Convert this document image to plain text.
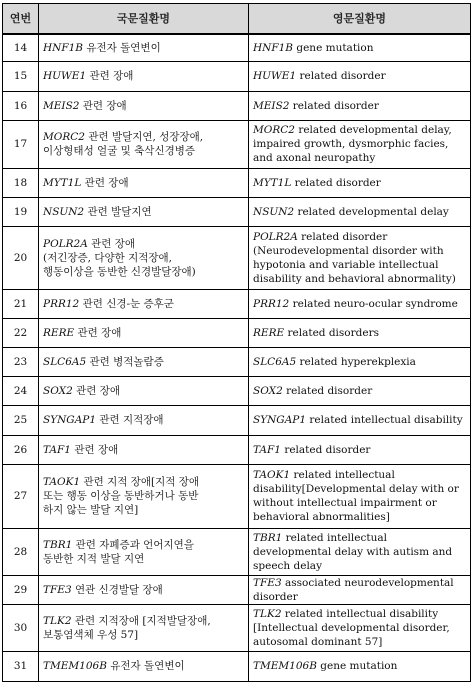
연번	국문질환명	영문질환명
14	HNF1B 유전자 돌연변이	HNF1B gene mutation

15	HUWE1 관련 장애	HUWE1 related disorder

16	MEIS2 관련 장애	MEIS2 related disorder

17	MORC2 관련 발달지연, 성장장애,
이상형태성 얼굴 및 축삭신경병증	MORC2 related developmental delay,
impaired growth, dysmorphic facies,
and axonal neuropathy

18	MYT1L 관련 장애	MYT1L related disorder

19	NSUN2 관련 발달지연	NSUN2 related developmental delay

20	POLR2A 관련 장애
(저긴장증, 다양한 지적장애,
행동이상을 동반한 신경발달장애)	POLR2A related disorder
(Neurodevelopmental disorder with
hypotonia and variable intellectual
disability and behavioral abnormality)

21	PRR12 관련 신경-눈 증후군	PRR12 related neuro-ocular syndrome

22	RERE 관련 장애	RERE related disorders

23	SLC6A5 관련 병적놀람증	SLC6A5 related hyperekplexia

24	SOX2 관련 장애	SOX2 related disorder

25	SYNGAP1 관련 지적장애	SYNGAP1 related intellectual disability

26	TAF1 관련 장애	TAF1 related disorder

27	TAOK1 관련 지적 장애[지적 장애
또는 행동 이상을 동반하거나 동반
하지 않는 발달 지연]	TAOK1 related intellectual
disability[Developmental delay with or
without intellectual impairment or
behavioral abnormalities]

28	TBR1 관련 자폐증과 언어지연을
동반한 지적 발달 지연	TBR1 related intellectual
developmental delay with autism and
speech delay

29	TFE3 연관 신경발달 장애	TFE3 associated neurodevelopmental
disorder

30	TLK2 관련 지적장애 [지적발달장애,
보통염색체 우성 57]	TLK2 related intellectual disability
[Intellectual developmental disorder,
autosomal dominant 57]

31	TMEM106B 유전자 돌연변이	TMEM106B gene mutation
